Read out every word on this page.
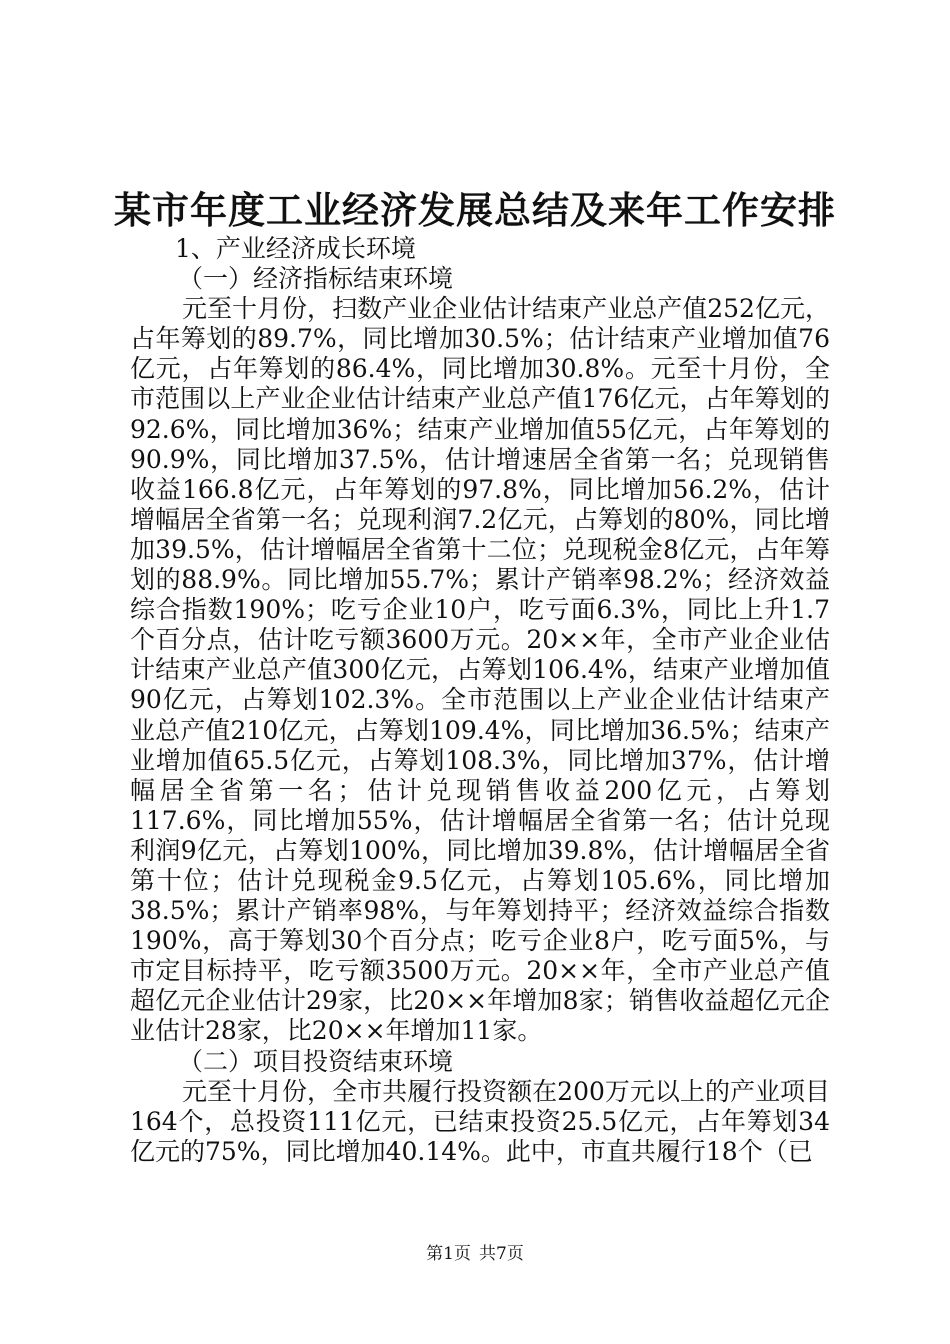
某市年度工业经济发展总结及来年工作安排

1、产业经济成长环境

（一）经济指标结束环境

元至十月份，扫数产业企业估计结束产业总产值252亿元，占年筹划的89.7%，同比增加30.5%；估计结束产业增加值76亿元，占年筹划的86.4%，同比增加30.8%。元至十月份，全市范围以上产业企业估计结束产业总产值176亿元，占年筹划的92.6%，同比增加36%；结束产业增加值55亿元，占年筹划的90.9%，同比增加37.5%，估计增速居全省第一名；兑现销售收益166.8亿元，占年筹划的97.8%，同比增加56.2%，估计增幅居全省第一名；兑现利润7.2亿元，占筹划的80%，同比增加39.5%，估计增幅居全省第十二位；兑现税金8亿元，占年筹划的88.9%。同比增加55.7%；累计产销率98.2%；经济效益综合指数190%；吃亏企业10户，吃亏面6.3%，同比上升1.7个百分点，估计吃亏额3600万元。20××年，全市产业企业估计结束产业总产值300亿元，占筹划106.4%，结束产业增加值90亿元，占筹划102.3%。全市范围以上产业企业估计结束产业总产值210亿元，占筹划109.4%，同比增加36.5%；结束产业增加值65.5亿元，占筹划108.3%，同比增加37%，估计增幅居全省第一名；估计兑现销售收益200亿元，占筹划117.6%，同比增加55%，估计增幅居全省第一名；估计兑现利润9亿元，占筹划100%，同比增加39.8%，估计增幅居全省第十位；估计兑现税金9.5亿元，占筹划105.6%，同比增加38.5%；累计产销率98%，与年筹划持平；经济效益综合指数190%，高于筹划30个百分点；吃亏企业8户，吃亏面5%，与市定目标持平，吃亏额3500万元。20××年，全市产业总产值超亿元企业估计29家，比20××年增加8家；销售收益超亿元企业估计28家，比20××年增加11家。

（二）项目投资结束环境

元至十月份，全市共履行投资额在200万元以上的产业项目164个，总投资111亿元，已结束投资25.5亿元，占年筹划34亿元的75%，同比增加40.14%。此中，市直共履行18个（已

第1页 共7页
